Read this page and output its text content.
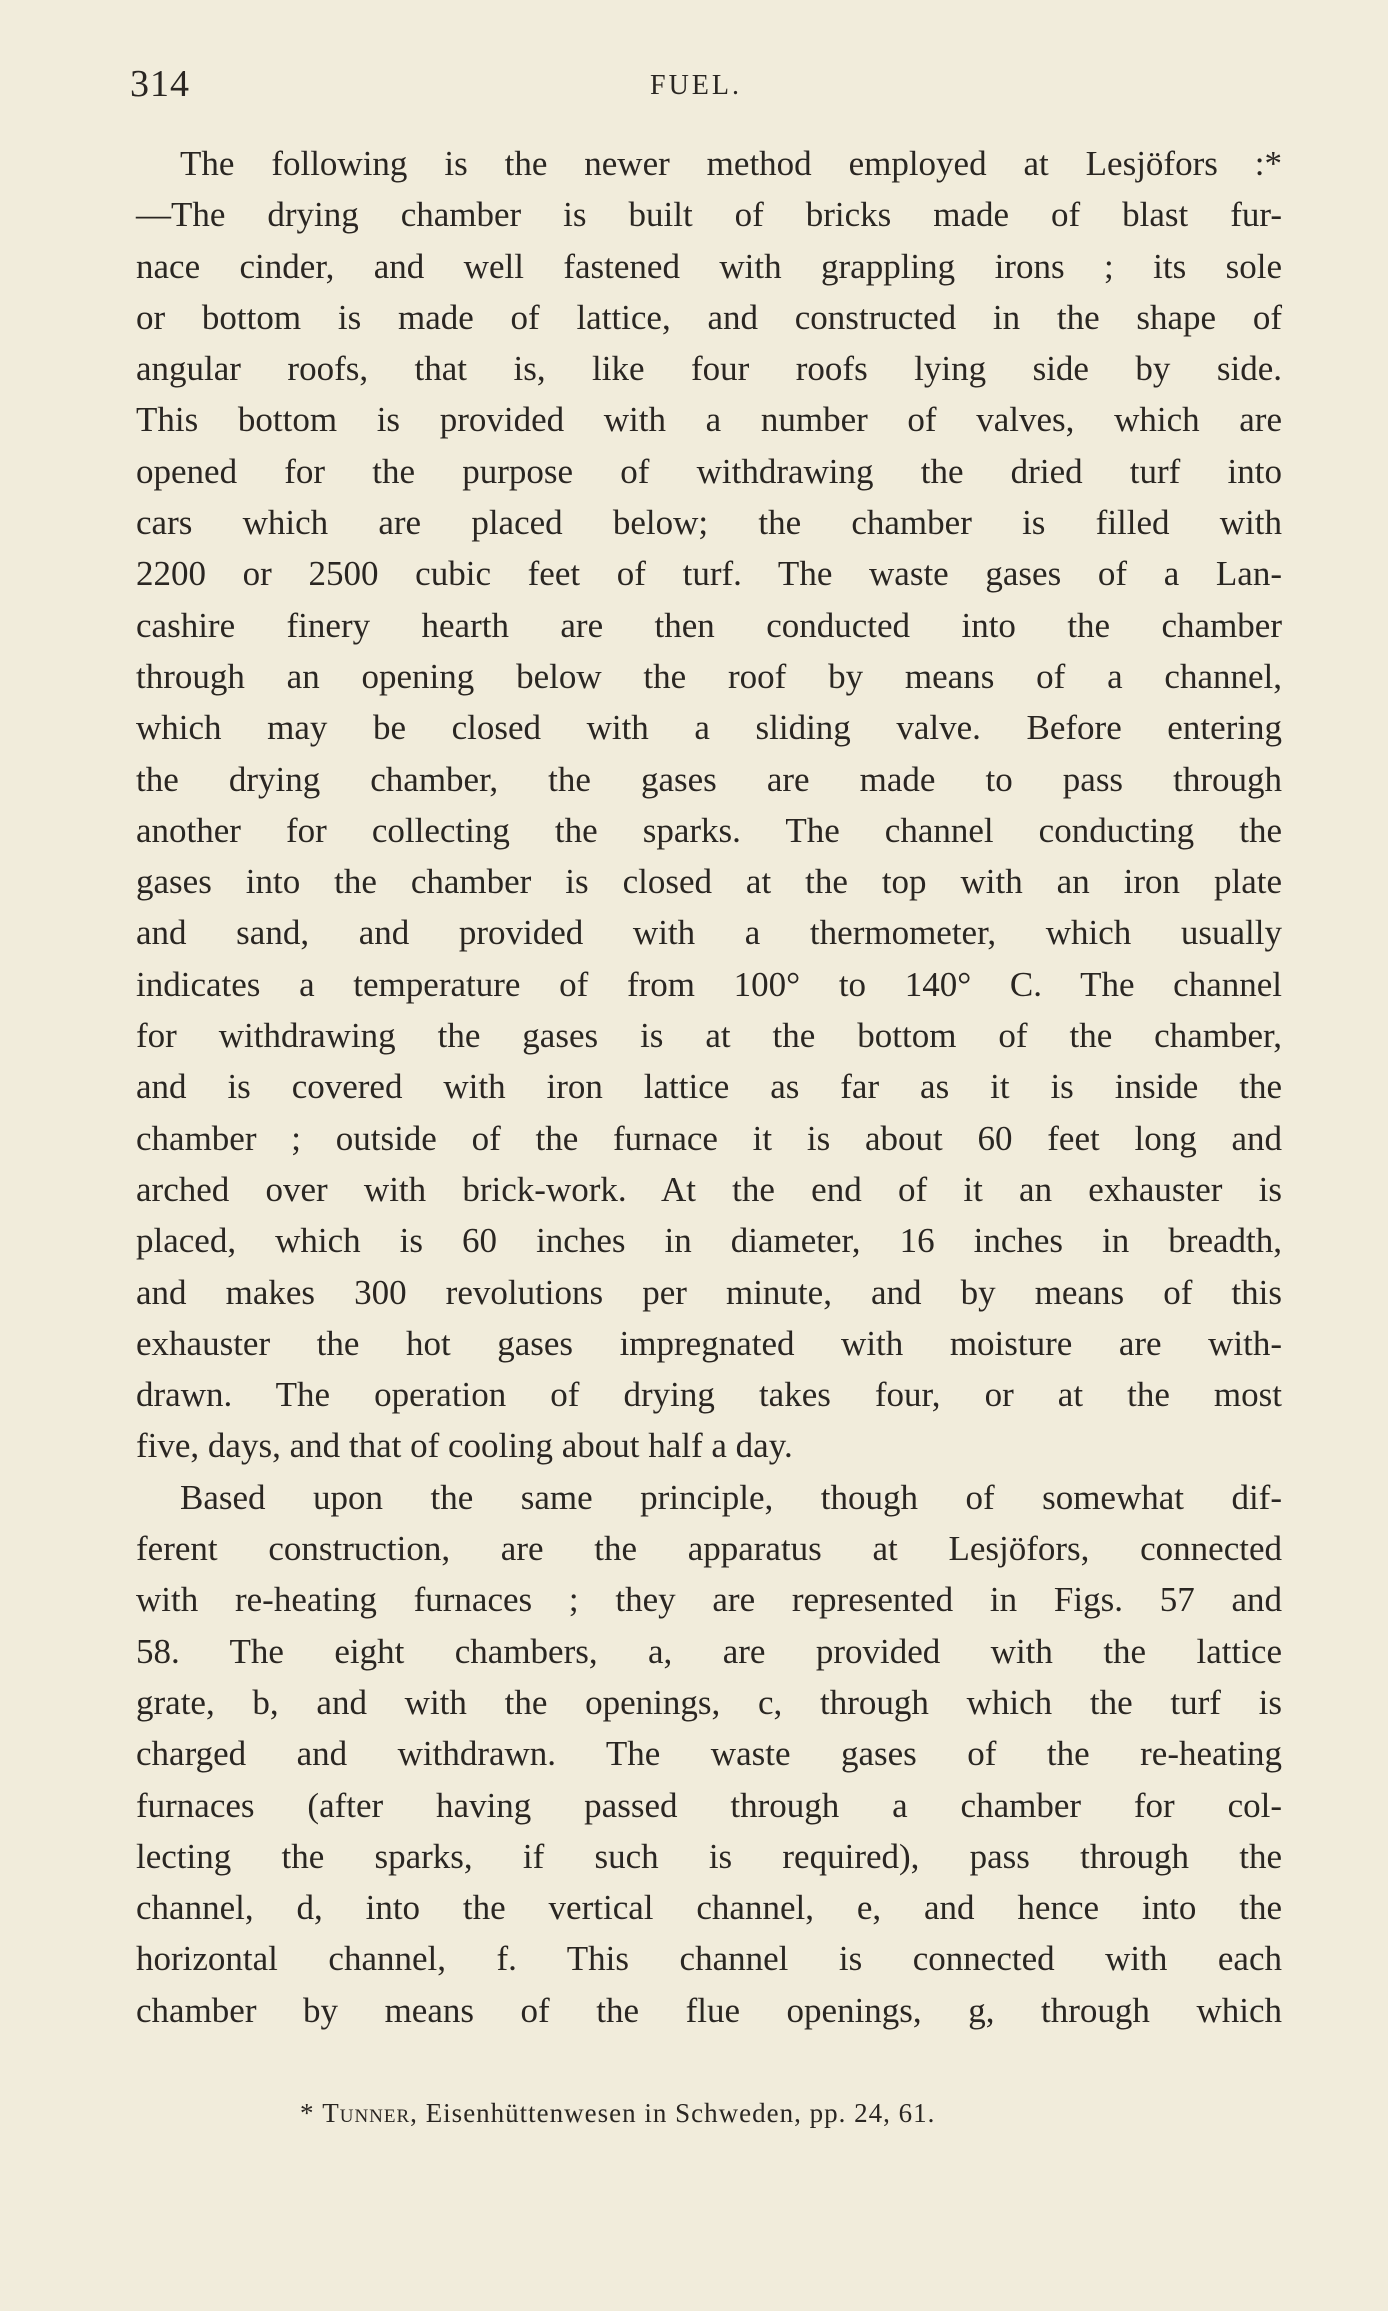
314	FUEL.
The following is the newer method employed at Lesjöfors :*
—The drying chamber is built of bricks made of blast fur-
nace cinder, and well fastened with grappling irons ; its sole
or bottom is made of lattice, and constructed in the shape of
angular roofs, that is, like four roofs lying side by side.
This bottom is provided with a number of valves, which are
opened for the purpose of withdrawing the dried turf into
cars which are placed below; the chamber is filled with
2200 or 2500 cubic feet of turf. The waste gases of a Lan-
cashire finery hearth are then conducted into the chamber
through an opening below the roof by means of a channel,
which may be closed with a sliding valve. Before entering
the drying chamber, the gases are made to pass through
another for collecting the sparks. The channel conducting the
gases into the chamber is closed at the top with an iron plate
and sand, and provided with a thermometer, which usually
indicates a temperature of from 100° to 140° C. The channel
for withdrawing the gases is at the bottom of the chamber,
and is covered with iron lattice as far as it is inside the
chamber ; outside of the furnace it is about 60 feet long and
arched over with brick-work. At the end of it an exhauster is
placed, which is 60 inches in diameter, 16 inches in breadth,
and makes 300 revolutions per minute, and by means of this
exhauster the hot gases impregnated with moisture are with-
drawn. The operation of drying takes four, or at the most
five, days, and that of cooling about half a day.
Based upon the same principle, though of somewhat dif-
ferent construction, are the apparatus at Lesjöfors, connected
with re-heating furnaces ; they are represented in Figs. 57 and
58. The eight chambers, a, are provided with the lattice
grate, b, and with the openings, c, through which the turf is
charged and withdrawn. The waste gases of the re-heating
furnaces (after having passed through a chamber for col-
lecting the sparks, if such is required), pass through the
channel, d, into the vertical channel, e, and hence into the
horizontal channel, f. This channel is connected with each
chamber by means of the flue openings, g, through which
* Tunner, Eisenhüttenwesen in Schweden, pp. 24, 61.
